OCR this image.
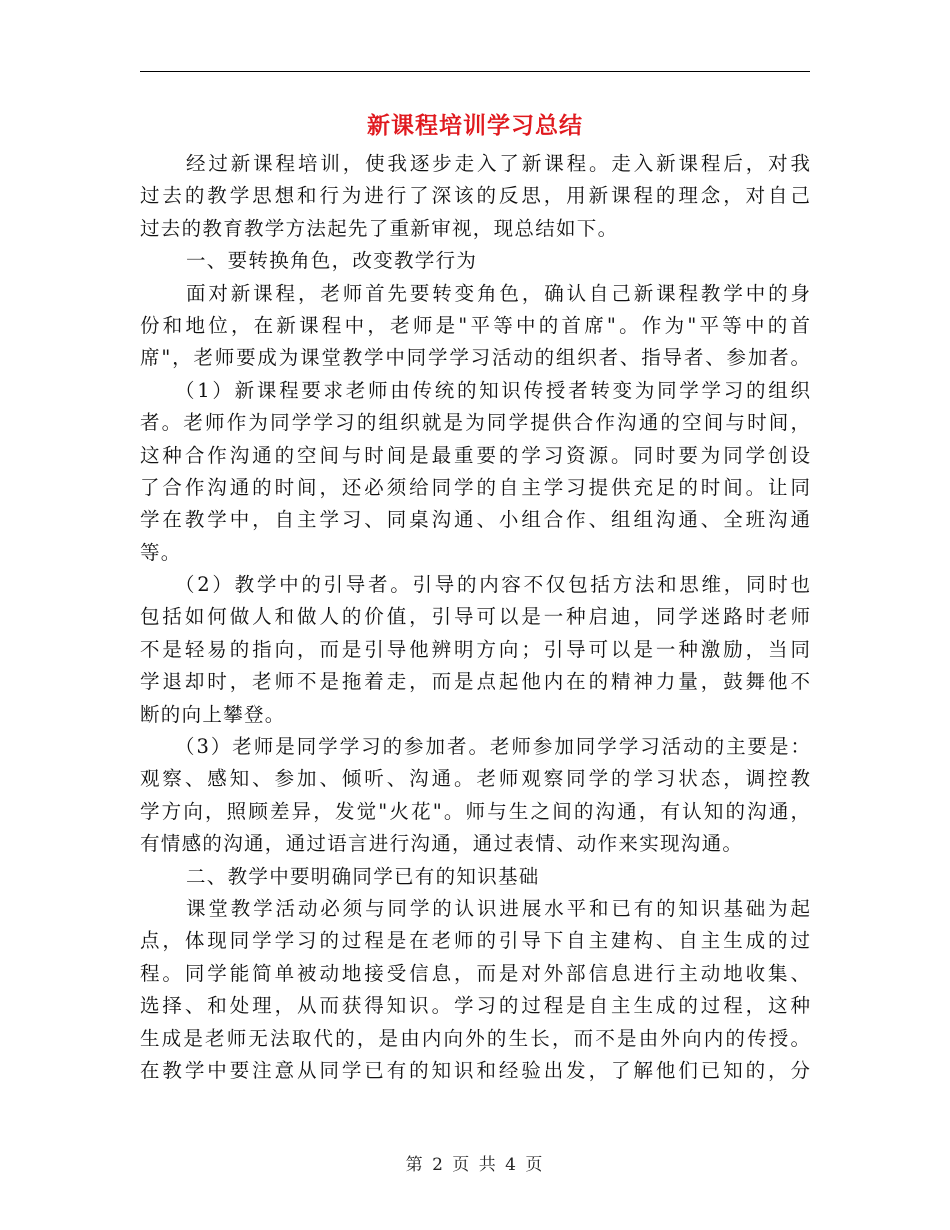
新课程培训学习总结
经过新课程培训，使我逐步走入了新课程。走入新课程后，对我
过去的教学思想和行为进行了深该的反思，用新课程的理念，对自己
过去的教育教学方法起先了重新审视，现总结如下。
一、要转换角色，改变教学行为
面对新课程，老师首先要转变角色，确认自己新课程教学中的身
份和地位，在新课程中，老师是"平等中的首席"。作为"平等中的首
席"，老师要成为课堂教学中同学学习活动的组织者、指导者、参加者。
（1）新课程要求老师由传统的知识传授者转变为同学学习的组织
者。老师作为同学学习的组织就是为同学提供合作沟通的空间与时间，
这种合作沟通的空间与时间是最重要的学习资源。同时要为同学创设
了合作沟通的时间，还必须给同学的自主学习提供充足的时间。让同
学在教学中，自主学习、同桌沟通、小组合作、组组沟通、全班沟通
等。
（2）教学中的引导者。引导的内容不仅包括方法和思维，同时也
包括如何做人和做人的价值，引导可以是一种启迪，同学迷路时老师
不是轻易的指向，而是引导他辨明方向；引导可以是一种激励，当同
学退却时，老师不是拖着走，而是点起他内在的精神力量，鼓舞他不
断的向上攀登。
（3）老师是同学学习的参加者。老师参加同学学习活动的主要是：
观察、感知、参加、倾听、沟通。老师观察同学的学习状态，调控教
学方向，照顾差异，发觉"火花"。师与生之间的沟通，有认知的沟通，
有情感的沟通，通过语言进行沟通，通过表情、动作来实现沟通。
二、教学中要明确同学已有的知识基础
课堂教学活动必须与同学的认识进展水平和已有的知识基础为起
点，体现同学学习的过程是在老师的引导下自主建构、自主生成的过
程。同学能简单被动地接受信息，而是对外部信息进行主动地收集、
选择、和处理，从而获得知识。学习的过程是自主生成的过程，这种
生成是老师无法取代的，是由内向外的生长，而不是由外向内的传授。
在教学中要注意从同学已有的知识和经验出发，了解他们已知的，分
第 2 页 共 4 页
